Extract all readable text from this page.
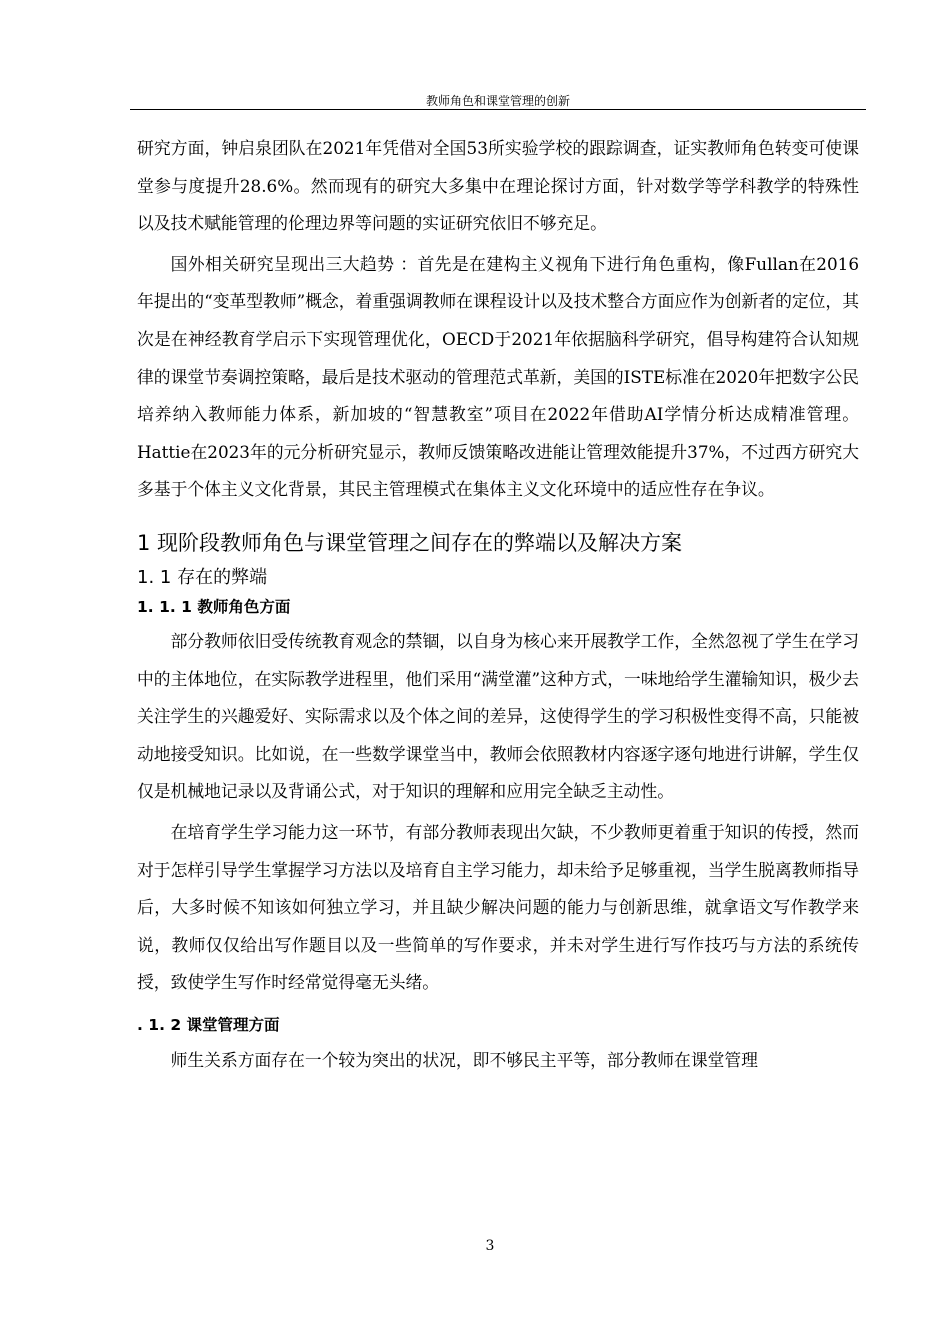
教师角色和课堂管理的创新

研究方面，钟启泉团队在2021年凭借对全国53所实验学校的跟踪调查，证实教师角色转变可使课堂参与度提升28.6%。然而现有的研究大多集中在理论探讨方面，针对数学等学科教学的特殊性以及技术赋能管理的伦理边界等问题的实证研究依旧不够充足。

国外相关研究呈现出三大趋势 ：首先是在建构主义视角下进行角色重构，像Fullan在2016年提出的“变革型教师”概念，着重强调教师在课程设计以及技术整合方面应作为创新者的定位，其次是在神经教育学启示下实现管理优化，OECD于2021年依据脑科学研究，倡导构建符合认知规律的课堂节奏调控策略，最后是技术驱动的管理范式革新，美国的ISTE标准在2020年把数字公民培养纳入教师能力体系，新加坡的“智慧教室”项目在2022年借助AI学情分析达成精准管理。Hattie在2023年的元分析研究显示，教师反馈策略改进能让管理效能提升37%，不过西方研究大多基于个体主义文化背景，其民主管理模式在集体主义文化环境中的适应性存在争议。

1 现阶段教师角色与课堂管理之间存在的弊端以及解决方案
1. 1 存在的弊端
1. 1. 1 教师角色方面

部分教师依旧受传统教育观念的禁锢，以自身为核心来开展教学工作，全然忽视了学生在学习中的主体地位，在实际教学进程里，他们采用“满堂灌”这种方式，一味地给学生灌输知识，极少去关注学生的兴趣爱好、实际需求以及个体之间的差异，这使得学生的学习积极性变得不高，只能被动地接受知识。比如说，在一些数学课堂当中，教师会依照教材内容逐字逐句地进行讲解，学生仅仅是机械地记录以及背诵公式，对于知识的理解和应用完全缺乏主动性。

在培育学生学习能力这一环节，有部分教师表现出欠缺，不少教师更着重于知识的传授，然而对于怎样引导学生掌握学习方法以及培育自主学习能力，却未给予足够重视，当学生脱离教师指导后，大多时候不知该如何独立学习，并且缺少解决问题的能力与创新思维，就拿语文写作教学来说，教师仅仅给出写作题目以及一些简单的写作要求，并未对学生进行写作技巧与方法的系统传授，致使学生写作时经常觉得毫无头绪。

. 1. 2 课堂管理方面

师生关系方面存在一个较为突出的状况，即不够民主平等，部分教师在课堂管理

3
